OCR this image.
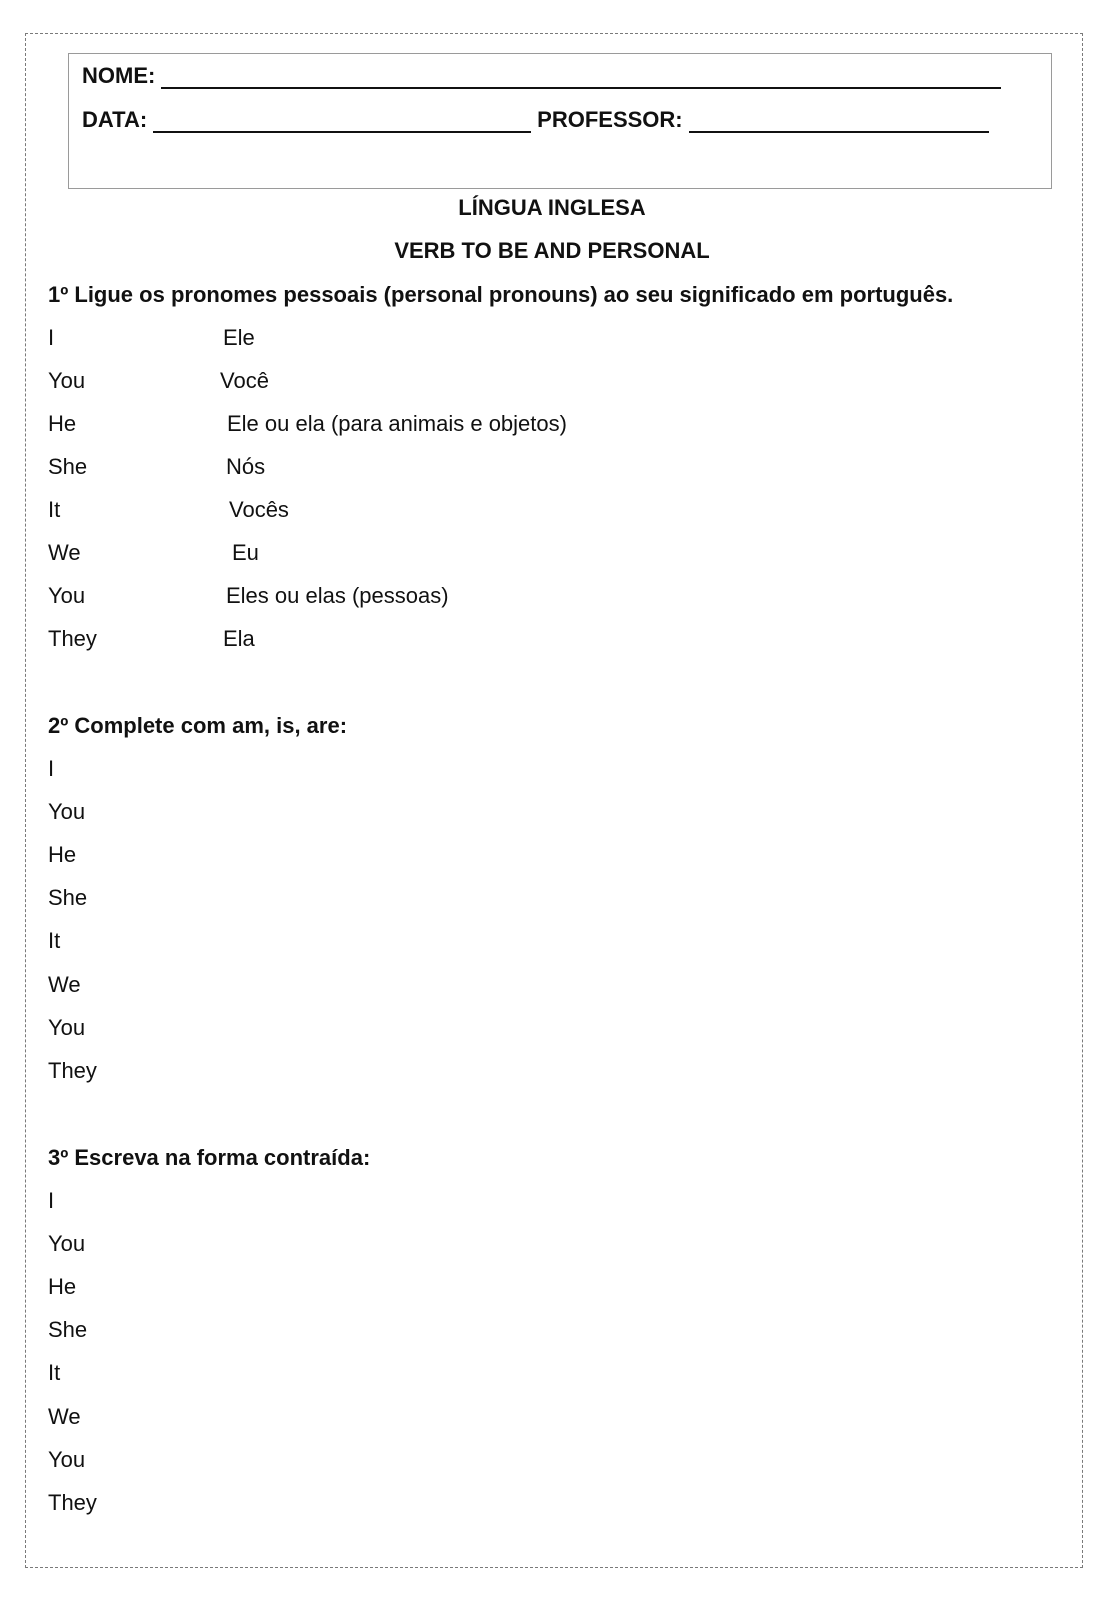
NOME:
DATA:	PROFESSOR:
LÍNGUA INGLESA
VERB TO BE AND PERSONAL
1º Ligue os pronomes pessoais (personal pronouns) ao seu significado em português.
I
You
He
She
It
We
You
They
Ele
Você
Ele ou ela (para animais e objetos)
Nós
Vocês
Eu
Eles ou elas (pessoas)
Ela
2º Complete com am, is, are:
I
You
He
She
It
We
You
They
3º Escreva na forma contraída:
I
You
He
She
It
We
You
They
